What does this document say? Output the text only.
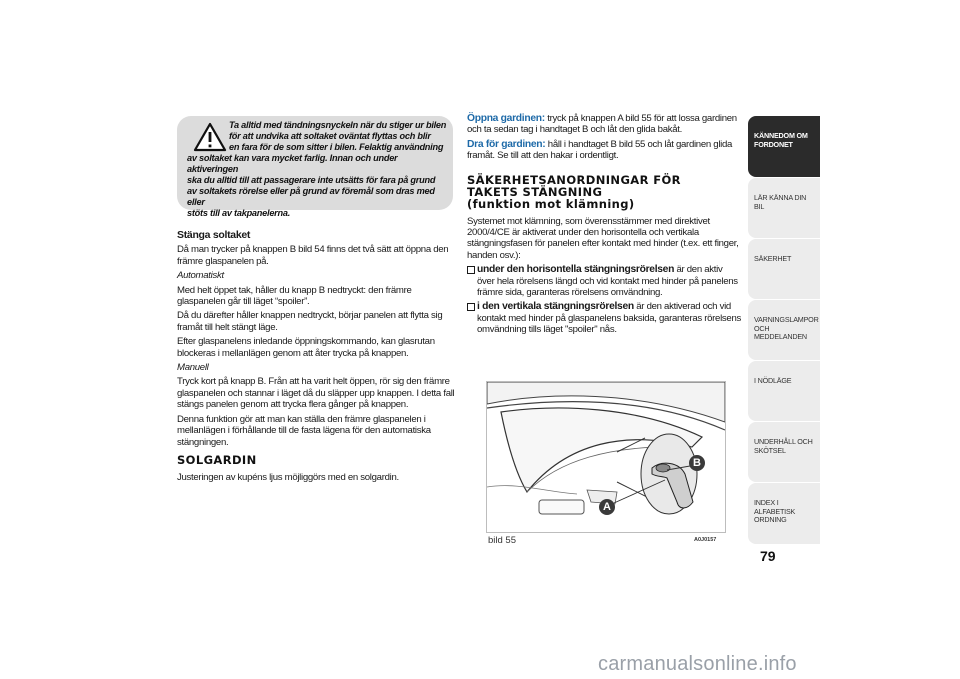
Ta alltid med tändningsnyckeln när du stiger ur bilen
för att undvika att soltaket oväntat flyttas och blir
en fara för de som sitter i bilen. Felaktig användning
av soltaket kan vara mycket farlig. Innan och under aktiveringen
ska du alltid till att passagerare inte utsätts för fara på grund
av soltakets rörelse eller på grund av föremål som dras med eller
stöts till av takpanelerna.

Stänga soltaket

Då man trycker på knappen B bild 54 finns det två sätt att öppna den främre glaspanelen på.

Automatiskt

Med helt öppet tak, håller du knapp B nedtryckt: den främre glaspanelen går till läget “spoiler”.

Då du därefter håller knappen nedtryckt, börjar panelen att flytta sig framåt till helt stängt läge.

Efter glaspanelens inledande öppningskommando, kan glasrutan blockeras i mellanlägen genom att åter trycka på knappen.

Manuell

Tryck kort på knapp B. Från att ha varit helt öppen, rör sig den främre glaspanelen och stannar i läget då du släpper upp knappen. I detta fall stängs panelen genom att trycka flera gånger på knappen.

Denna funktion gör att man kan ställa den främre glaspanelen i mellanlägen i förhållande till de fasta lägena för den automatiska stängningen.

SOLGARDIN

Justeringen av kupéns ljus möjliggörs med en solgardin.

Öppna gardinen: tryck på knappen A bild 55 för att lossa gardinen och ta sedan tag i handtaget B och låt den glida bakåt.

Dra för gardinen: håll i handtaget B bild 55 och låt gardinen glida framåt. Se till att den hakar i ordentligt.

SÄKERHETSANORDNINGAR FÖR
TAKETS STÄNGNING
(funktion mot klämning)

Systemet mot klämning, som överensstämmer med direktivet 2000/4/CE är aktiverat under den horisontella och vertikala stängningsfasen för panelen efter kontakt med hinder (t.ex. ett finger, handen osv.):

under den horisontella stängningsrörelsen är den aktiv över hela rörelsens längd och vid kontakt med hinder på panelens främre sida, garanteras rörelsens omvändning.
i den vertikala stängningsrörelsen är den aktiverad och vid kontakt med hinder på glaspanelens baksida, garanteras rörelsens omvändning tills läget "spoiler" nås.
A
B
bild 55	A0J0157
KÄNNEDOM OM
FORDONET
LÄR KÄNNA DIN BIL
SÄKERHET
VARNINGSLAMPOR
OCH MEDDELANDEN
I NÖDLÄGE
UNDERHÅLL OCH
SKÖTSEL
INDEX I ALFABETISK
ORDNING
79
carmanualsonline.info
